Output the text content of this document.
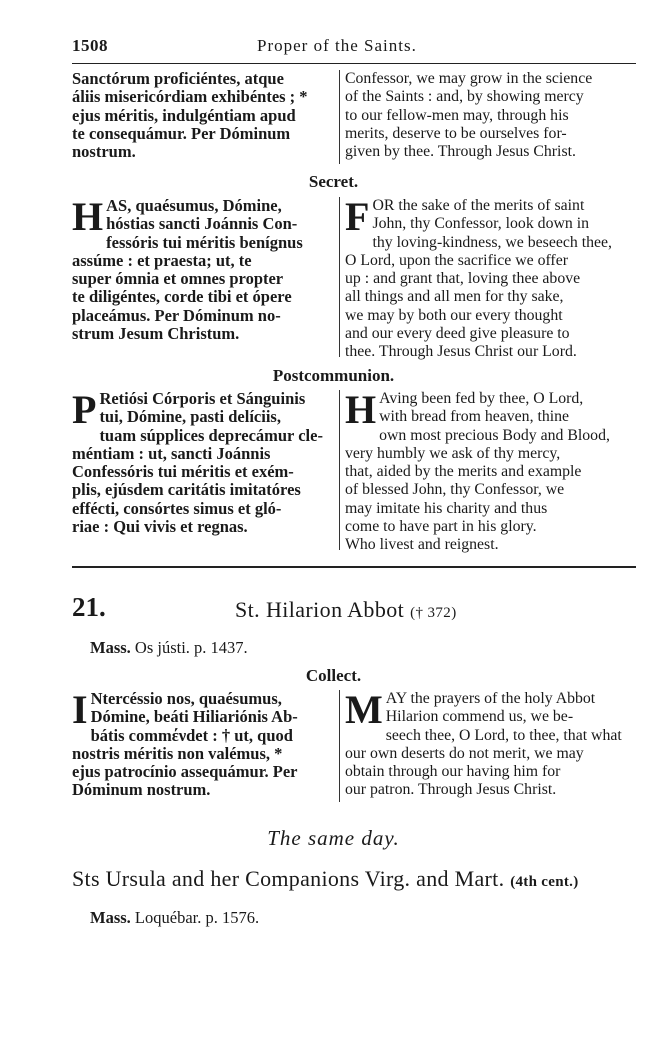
1508	Proper of the Saints.
Sanctórum proficiéntes, atque
áliis misericórdiam exhibéntes ; *
ejus méritis, indulgéntiam apud
te consequámur. Per Dóminum
nostrum.
Confessor, we may grow in the science
of the Saints : and, by showing mercy
to our fellow-men may, through his
merits, deserve to be ourselves for-
given by thee. Through Jesus Christ.
Secret.
H AS, quaésumus, Dómine,
hóstias sancti Joánnis Con-
fessóris tui méritis benígnus
assúme : et praesta; ut, te
super ómnia et omnes propter
te diligéntes, corde tibi et ópere
placeámus. Per Dóminum no-
strum Jesum Christum.
F OR the sake of the merits of saint
John, thy Confessor, look down in
thy loving-kindness, we beseech thee,
O Lord, upon the sacrifice we offer
up : and grant that, loving thee above
all things and all men for thy sake,
we may by both our every thought
and our every deed give pleasure to
thee. Through Jesus Christ our Lord.
Postcommunion.
P Retiósi Córporis et Sánguinis
tui, Dómine, pasti delíciis,
tuam súpplices deprecámur cle-
méntiam : ut, sancti Joánnis
Confessóris tui méritis et exém-
plis, ejúsdem caritátis imitatóres
effécti, consórtes simus et gló-
riae : Qui vivis et regnas.
H Aving been fed by thee, O Lord,
with bread from heaven, thine
own most precious Body and Blood,
very humbly we ask of thy mercy,
that, aided by the merits and example
of blessed John, thy Confessor, we
may imitate his charity and thus
come to have part in his glory.
Who livest and reignest.
21.	St. Hilarion Abbot († 372)
Mass. Os jústi. p. 1437.
Collect.
I Ntercéssio nos, quaésumus,
Dómine, beáti Hiliariónis Ab-
bátis commένdet : † ut, quod
nostris méritis non valémus, *
ejus patrocínio assequámur. Per
Dóminum nostrum.
M AY the prayers of the holy Abbot
Hilarion commend us, we be-
seech thee, O Lord, to thee, that what
our own deserts do not merit, we may
obtain through our having him for
our patron. Through Jesus Christ.
The same day.
Sts Ursula and her Companions Virg. and Mart. (4th cent.)
Mass. Loquébar. p. 1576.
